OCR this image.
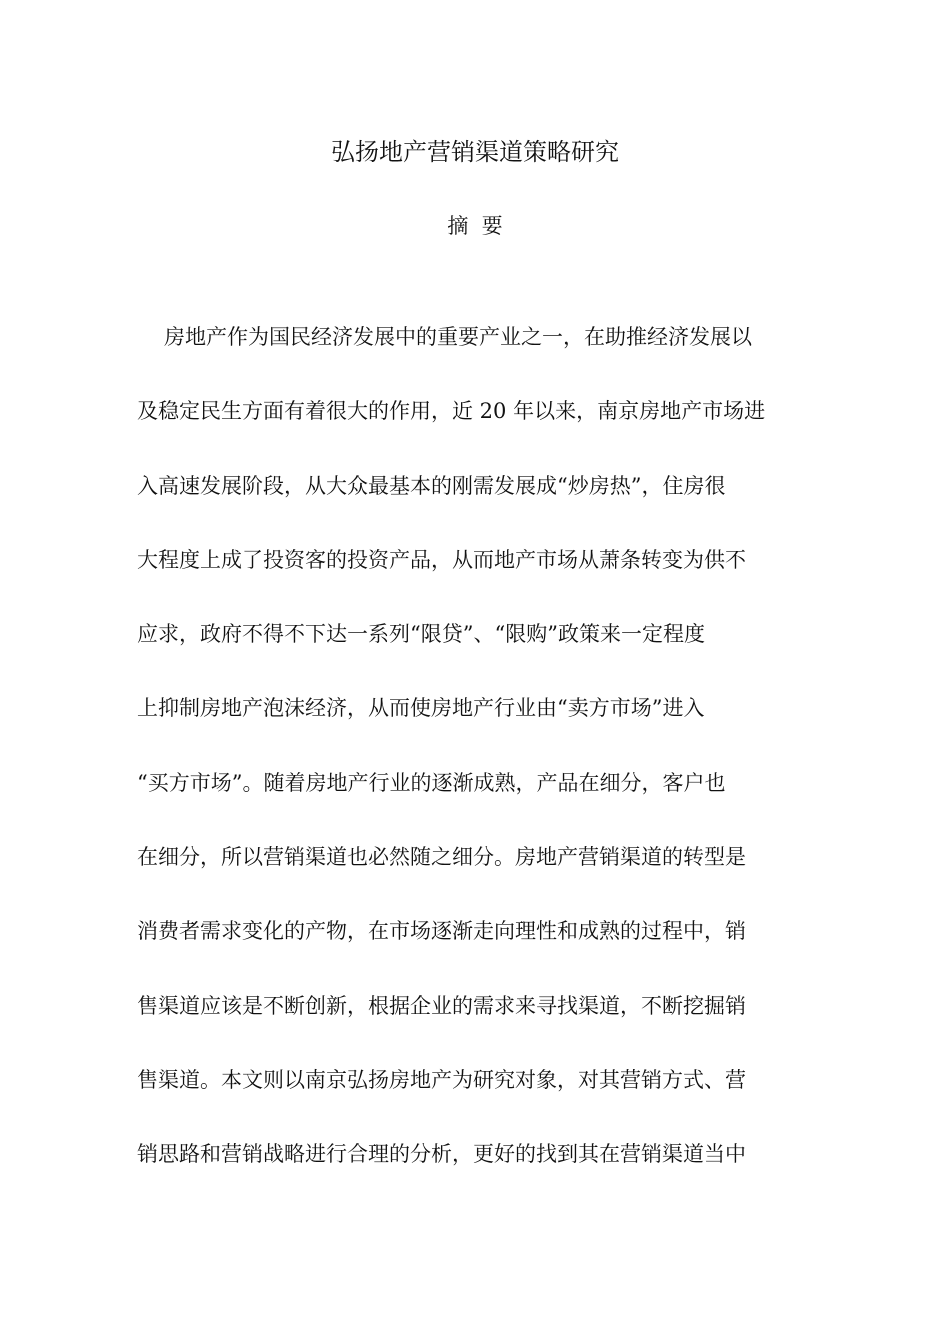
弘扬地产营销渠道策略研究
摘  要
房地产作为国民经济发展中的重要产业之一，在助推经济发展以
及稳定民生方面有着很大的作用，近 20 年以来，南京房地产市场进
入高速发展阶段，从大众最基本的刚需发展成“炒房热”，住房很
大程度上成了投资客的投资产品，从而地产市场从萧条转变为供不
应求，政府不得不下达一系列“限贷”、“限购”政策来一定程度
上抑制房地产泡沫经济，从而使房地产行业由“卖方市场”进入
“买方市场”。随着房地产行业的逐渐成熟，产品在细分，客户也
在细分，所以营销渠道也必然随之细分。房地产营销渠道的转型是
消费者需求变化的产物，在市场逐渐走向理性和成熟的过程中，销
售渠道应该是不断创新，根据企业的需求来寻找渠道，不断挖掘销
售渠道。本文则以南京弘扬房地产为研究对象，对其营销方式、营
销思路和营销战略进行合理的分析，更好的找到其在营销渠道当中
